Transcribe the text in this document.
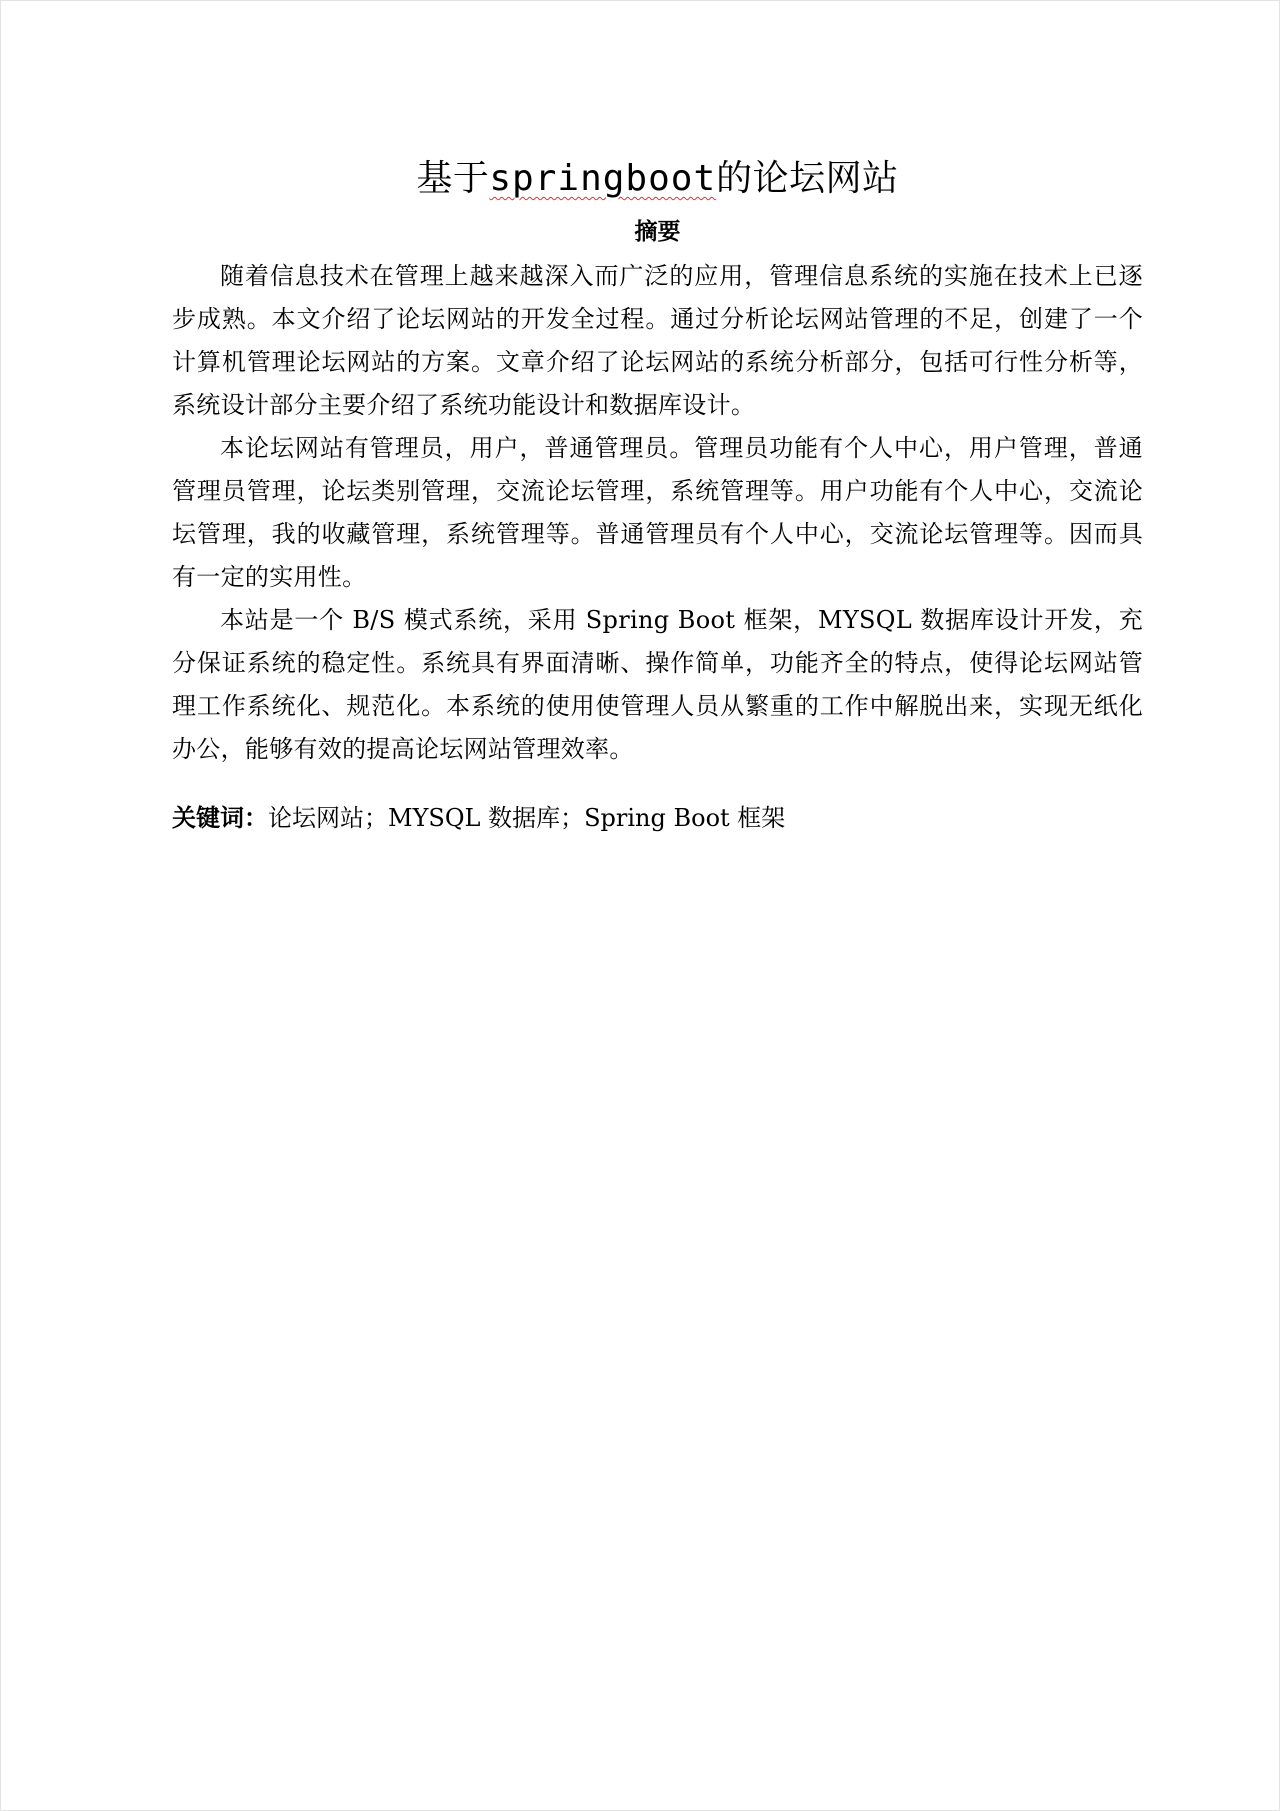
基于springboot的论坛网站
摘要

随着信息技术在管理上越来越深入而广泛的应用，管理信息系统的实施在技术上已逐步成熟。本文介绍了论坛网站的开发全过程。通过分析论坛网站管理的不足，创建了一个计算机管理论坛网站的方案。文章介绍了论坛网站的系统分析部分，包括可行性分析等，系统设计部分主要介绍了系统功能设计和数据库设计。

本论坛网站有管理员，用户，普通管理员。管理员功能有个人中心，用户管理，普通管理员管理，论坛类别管理，交流论坛管理，系统管理等。用户功能有个人中心，交流论坛管理，我的收藏管理，系统管理等。普通管理员有个人中心，交流论坛管理等。因而具有一定的实用性。

本站是一个 B/S 模式系统，采用 Spring Boot 框架，MYSQL 数据库设计开发，充分保证系统的稳定性。系统具有界面清晰、操作简单，功能齐全的特点，使得论坛网站管理工作系统化、规范化。本系统的使用使管理人员从繁重的工作中解脱出来，实现无纸化办公，能够有效的提高论坛网站管理效率。

关键词：论坛网站；MYSQL 数据库；Spring Boot 框架
